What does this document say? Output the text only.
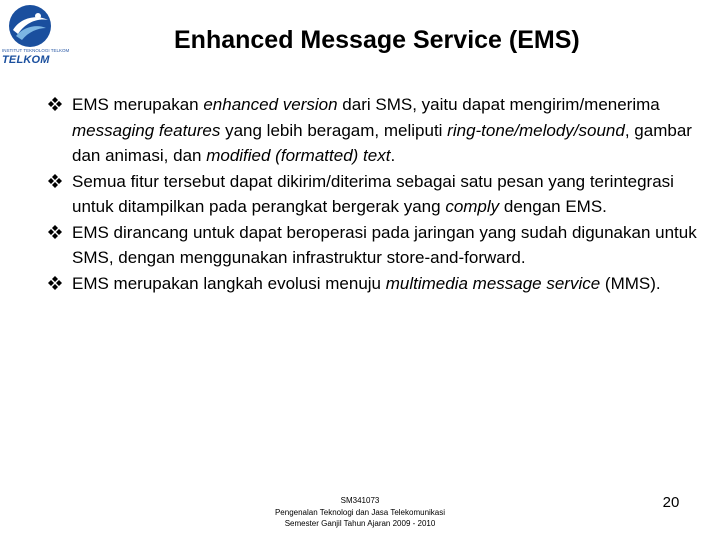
INSTITUT TEKNOLOGI TELKOM
TELKOM
Enhanced Message Service (EMS)
EMS merupakan enhanced version dari SMS, yaitu dapat mengirim/menerima messaging features yang lebih beragam, meliputi ring-tone/melody/sound, gambar dan animasi, dan modified (formatted) text.
Semua fitur tersebut dapat dikirim/diterima sebagai satu pesan yang terintegrasi untuk ditampilkan pada perangkat bergerak yang comply dengan EMS.
EMS dirancang untuk dapat beroperasi pada jaringan yang sudah digunakan untuk SMS, dengan menggunakan infrastruktur store-and-forward.
EMS merupakan langkah evolusi menuju multimedia message service (MMS).
SM341073
Pengenalan Teknologi dan Jasa Telekomunikasi
Semester Ganjil Tahun Ajaran 2009 - 2010
20
